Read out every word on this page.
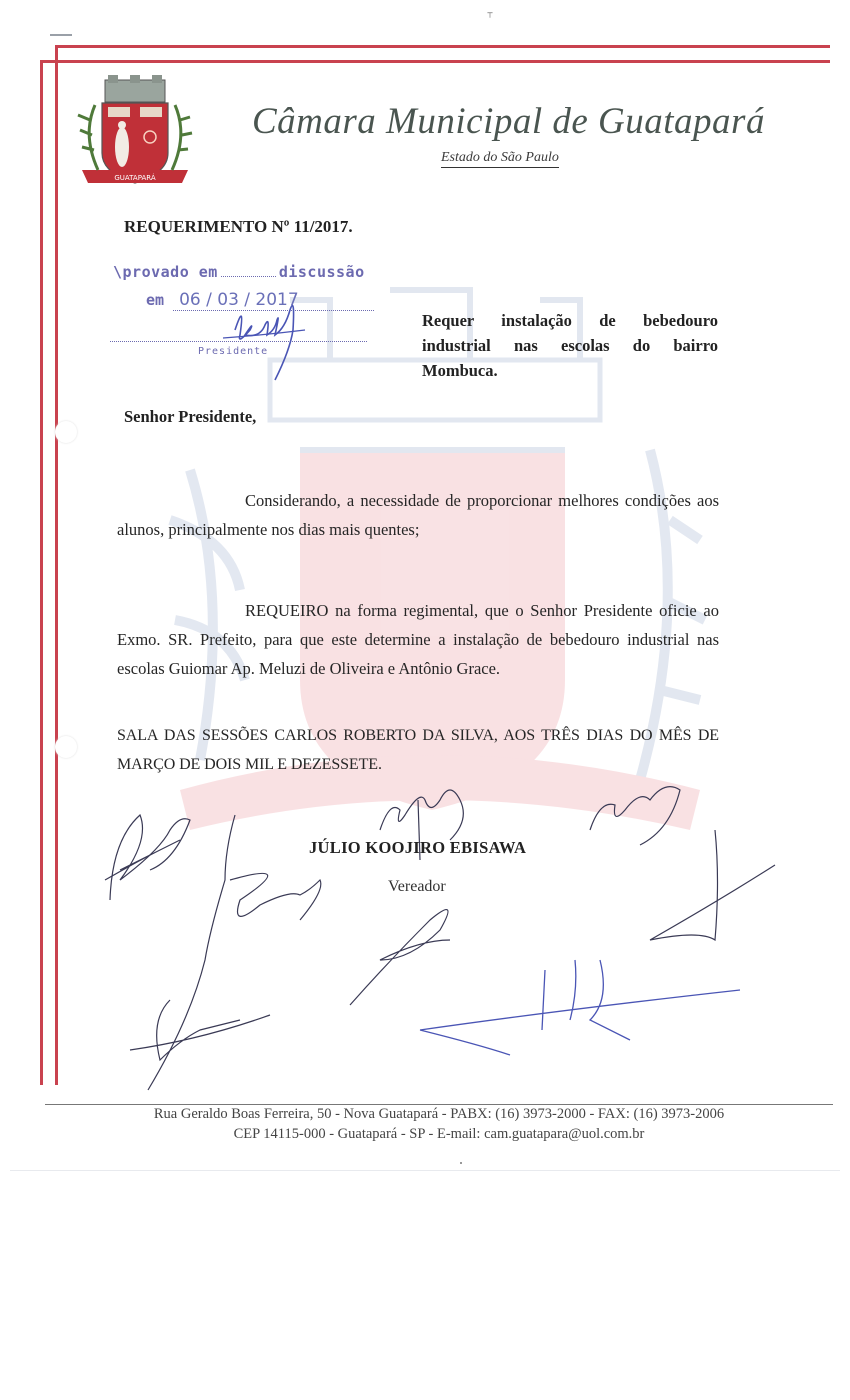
⸆
GUATAPARÁ
Câmara Municipal de Guatapará
Estado do São Paulo
REQUERIMENTO Nº 11/2017.
\provado em	discussão
em 06 / 03 / 2017
Presidente
Requer instalação de bebedouro industrial nas escolas do bairro Mombuca.
Senhor Presidente,
Considerando, a necessidade de proporcionar melhores condições aos alunos, principalmente nos dias mais quentes;
REQUEIRO na forma regimental, que o Senhor Presidente oficie ao Exmo. SR. Prefeito, para que este determine a instalação de bebedouro industrial nas escolas Guiomar Ap. Meluzi de Oliveira e Antônio Grace.
SALA DAS SESSÕES CARLOS ROBERTO DA SILVA, AOS TRÊS DIAS DO MÊS DE MARÇO DE DOIS MIL E DEZESSETE.
JÚLIO KOOJIRO EBISAWA
Vereador
Rua Geraldo Boas Ferreira, 50 - Nova Guatapará - PABX: (16) 3973-2000 - FAX: (16) 3973-2006
CEP 14115-000 - Guatapará - SP - E-mail: cam.guatapara@uol.com.br
